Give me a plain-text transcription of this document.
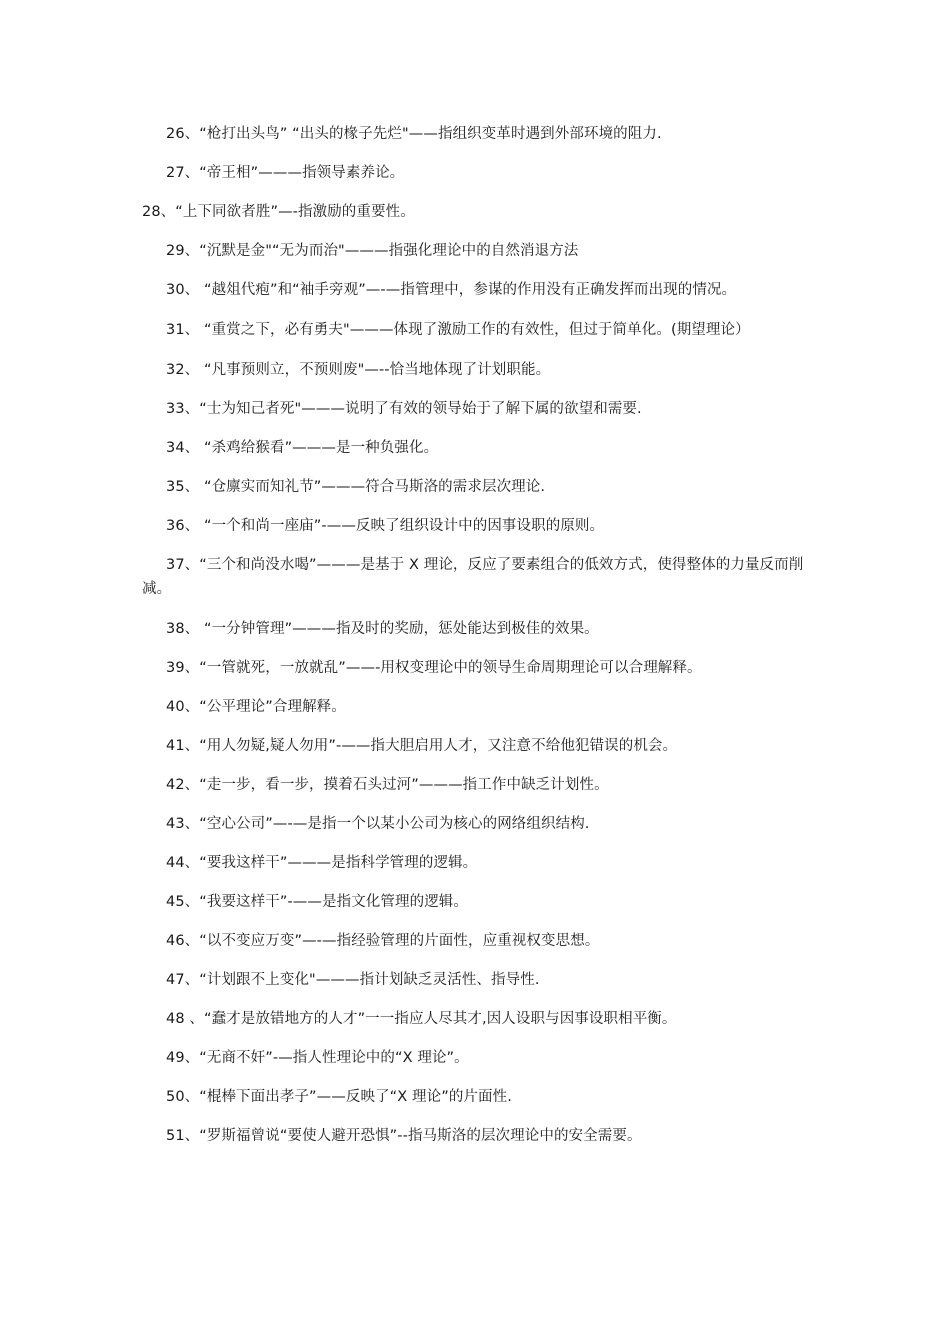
26、“枪打出头鸟” “出头的椽子先烂"——指组织变革时遇到外部环境的阻力.

27、“帝王相”———指领导素养论。

28、“上下同欲者胜”—-指激励的重要性。

29、“沉默是金"“无为而治"———指强化理论中的自然消退方法

30、 “越俎代疱”和“袖手旁观”—-—指管理中，参谋的作用没有正确发挥而出现的情况。

31、 “重赏之下，必有勇夫"———体现了激励工作的有效性，但过于简单化。(期望理论）

32、 “凡事预则立，不预则废"—--恰当地体现了计划职能。

33、“士为知己者死"———说明了有效的领导始于了解下属的欲望和需要.

34、 “杀鸡给猴看”———是一种负强化。

35、 “仓廪实而知礼节”———符合马斯洛的需求层次理论.

36、 “一个和尚一座庙”-——反映了组织设计中的因事设职的原则。

37、“三个和尚没水喝”———是基于 X 理论，反应了要素组合的低效方式，使得整体的力量反而削减。

38、 “一分钟管理”———指及时的奖励，惩处能达到极佳的效果。

39、“一管就死，一放就乱”——-用权变理论中的领导生命周期理论可以合理解释。

40、“公平理论”合理解释。

41、“用人勿疑,疑人勿用”-——指大胆启用人才，又注意不给他犯错误的机会。

42、“走一步，看一步，摸着石头过河”———指工作中缺乏计划性。

43、“空心公司”—-—是指一个以某小公司为核心的网络组织结构.

44、“要我这样干”———是指科学管理的逻辑。

45、“我要这样干”-——是指文化管理的逻辑。

46、“以不变应万变”—-—指经验管理的片面性，应重视权变思想。

47、“计划跟不上变化"———指计划缺乏灵活性、指导性.

48 、“蠢才是放错地方的人才”一一指应人尽其才,因人设职与因事设职相平衡。

49、“无商不奸”-—指人性理论中的“X 理论”。

50、“棍棒下面出孝子”——反映了“X 理论”的片面性.

51、“罗斯福曾说“要使人避开恐惧”--指马斯洛的层次理论中的安全需要。
